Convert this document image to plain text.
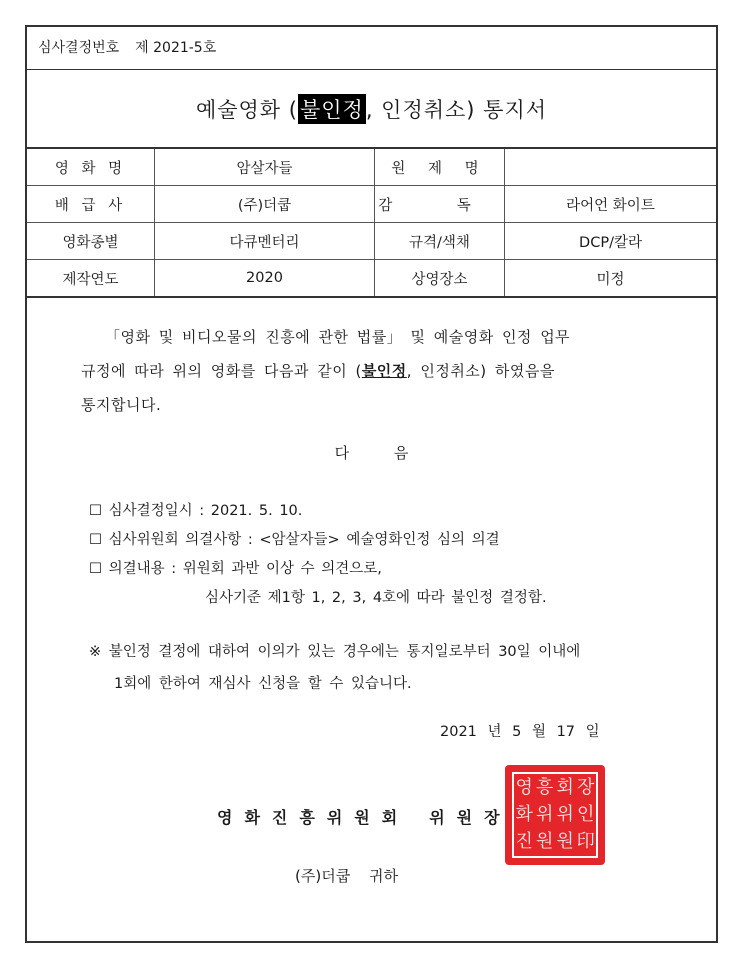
심사결정번호 제 2021-5호
예술영화 ( 불인정 , 인정취소) 통지서
영 화 명	암살자들	원 제 명	
배 급 사	(주)더쿱	감 독	라어언 화이트
영화종별	다큐멘터리	규격/색채	DCP/칼라
제작연도	2020	상영장소	미정
「영화 및 비디오물의 진흥에 관한 법률」 및 예술영화 인정 업무
규정에 따라 위의 영화를 다음과 같이 (불인정, 인정취소) 하였음을
통지합니다.
다 음
☐ 심사결정일시 : 2021. 5. 10.
☐ 심사위원회 의결사항 : <암살자들> 예술영화인정 심의 의결
☐ 의결내용 : 위원회 과반 이상 수 의견으로,
심사기준 제1항 1, 2, 3, 4호에 따라 불인정 결정함.
※ 불인정 결정에 대하여 이의가 있는 경우에는 통지일로부터 30일 이내에
1회에 한하여 재심사 신청을 할 수 있습니다.
2021 년 5 월 17 일
영 흥 회 장
화 위 위 인
진 원 원 印
영화진흥위원회 위원장
(주)더쿱 귀하
